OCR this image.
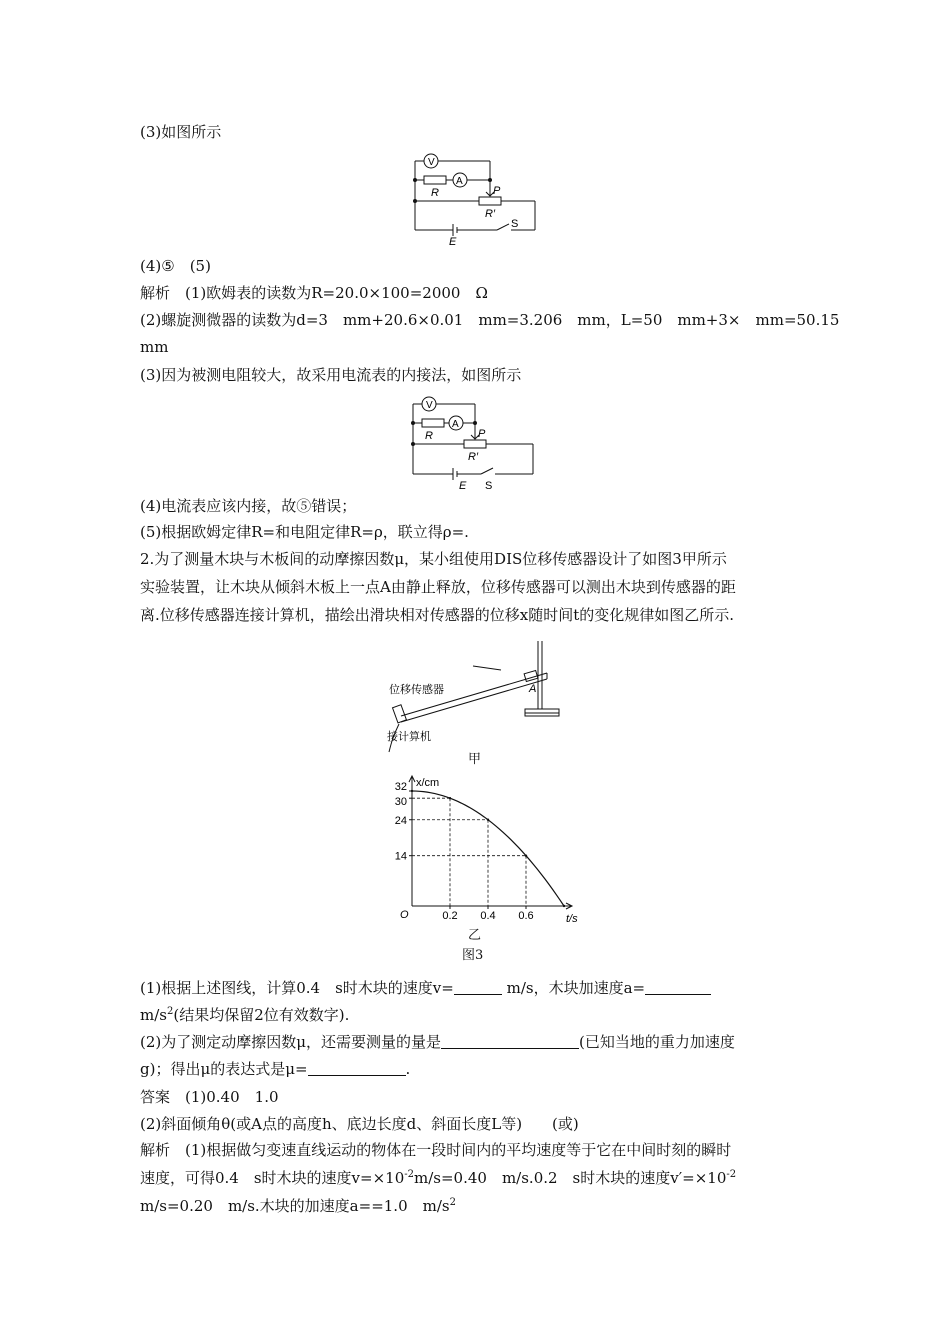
(3)如图所示
V
A
R	P
R′
E
S
(4)⑤　(5)
解析　(1)欧姆表的读数为R=20.0×100=2000　Ω
(2)螺旋测微器的读数为d=3　mm+20.6×0.01　mm=3.206　mm，L=50　mm+3×　mm=50.15
mm
(3)因为被测电阻较大，故采用电流表的内接法，如图所示
V
A
R	P
R′
E S
(4)电流表应该内接，故⑤错误；
(5)根据欧姆定律R=和电阻定律R=ρ，联立得ρ=.
2.为了测量木块与木板间的动摩擦因数μ，某小组使用DIS位移传感器设计了如图3甲所示
实验装置，让木块从倾斜木板上一点A由静止释放，位移传感器可以测出木块到传感器的距
离.位移传感器连接计算机，描绘出滑块相对传感器的位移x随时间t的变化规律如图乙所示.
位移传感器	A
接计算机
甲
14
24
30
32
0.2 0.4 0.6
x/cm
t/s
O
乙
图3
(1)根据上述图线，计算0.4　s时木块的速度v=	m/s，木块加速度a=
$m/s^2$(结果均保留2位有效数字).
(2)为了测定动摩擦因数μ，还需要测量的量是	(已知当地的重力加速度
g)；得出μ的表达式是μ=	.
答案　(1)0.40　1.0
(2)斜面倾角θ(或A点的高度h、底边长度d、斜面长度L等)　　(或)
解析　(1)根据做匀变速直线运动的物体在一段时间内的平均速度等于它在中间时刻的瞬时
速度，可得0.4　s时木块的速度$v=\times 10^{-2}m/s=0.40$　m/s.0.2　s时木块的速度$v'=\times 10^{-2}$
m/s=0.20　m/s.木块的加速度a==1.0　$m/s^2$
